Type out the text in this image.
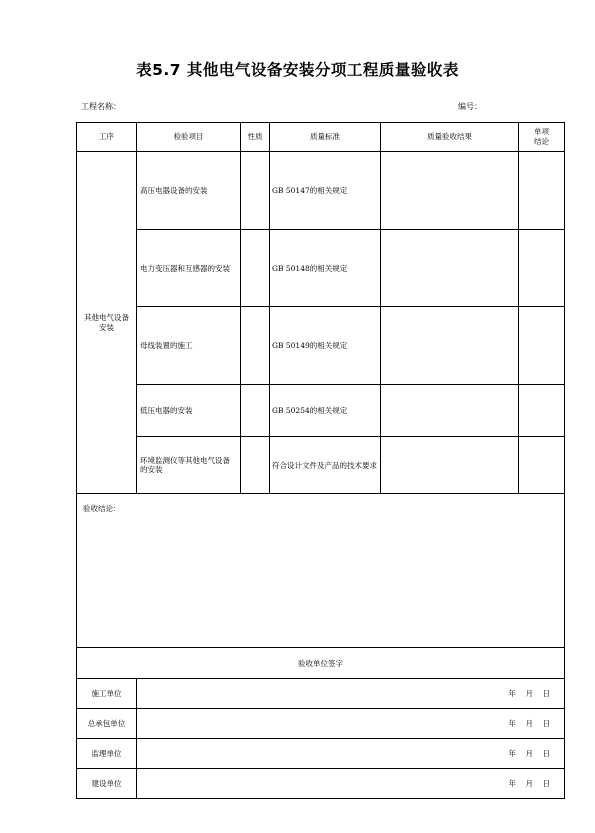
表5.7 其他电气设备安装分项工程质量验收表
工程名称：	编号：
工序	检验项目	性质	质量标准	质量验收结果	单项
结论
其他电气设备安装	高压电器设备的安装		GB 50147的相关规定		
	电力变压器和互感器的安装		GB 50148的相关规定		
	母线装置的施工		GB 50149的相关规定		
	低压电器的安装		GB 50254的相关规定		
	环境监测仪等其他电气设备的安装		符合设计文件及产品的技术要求		
验收结论：					
验收单位签字					
施工单位	年    月    日				
总承包单位	年    月    日				
监理单位	年    月    日				
建设单位	年    月    日				
